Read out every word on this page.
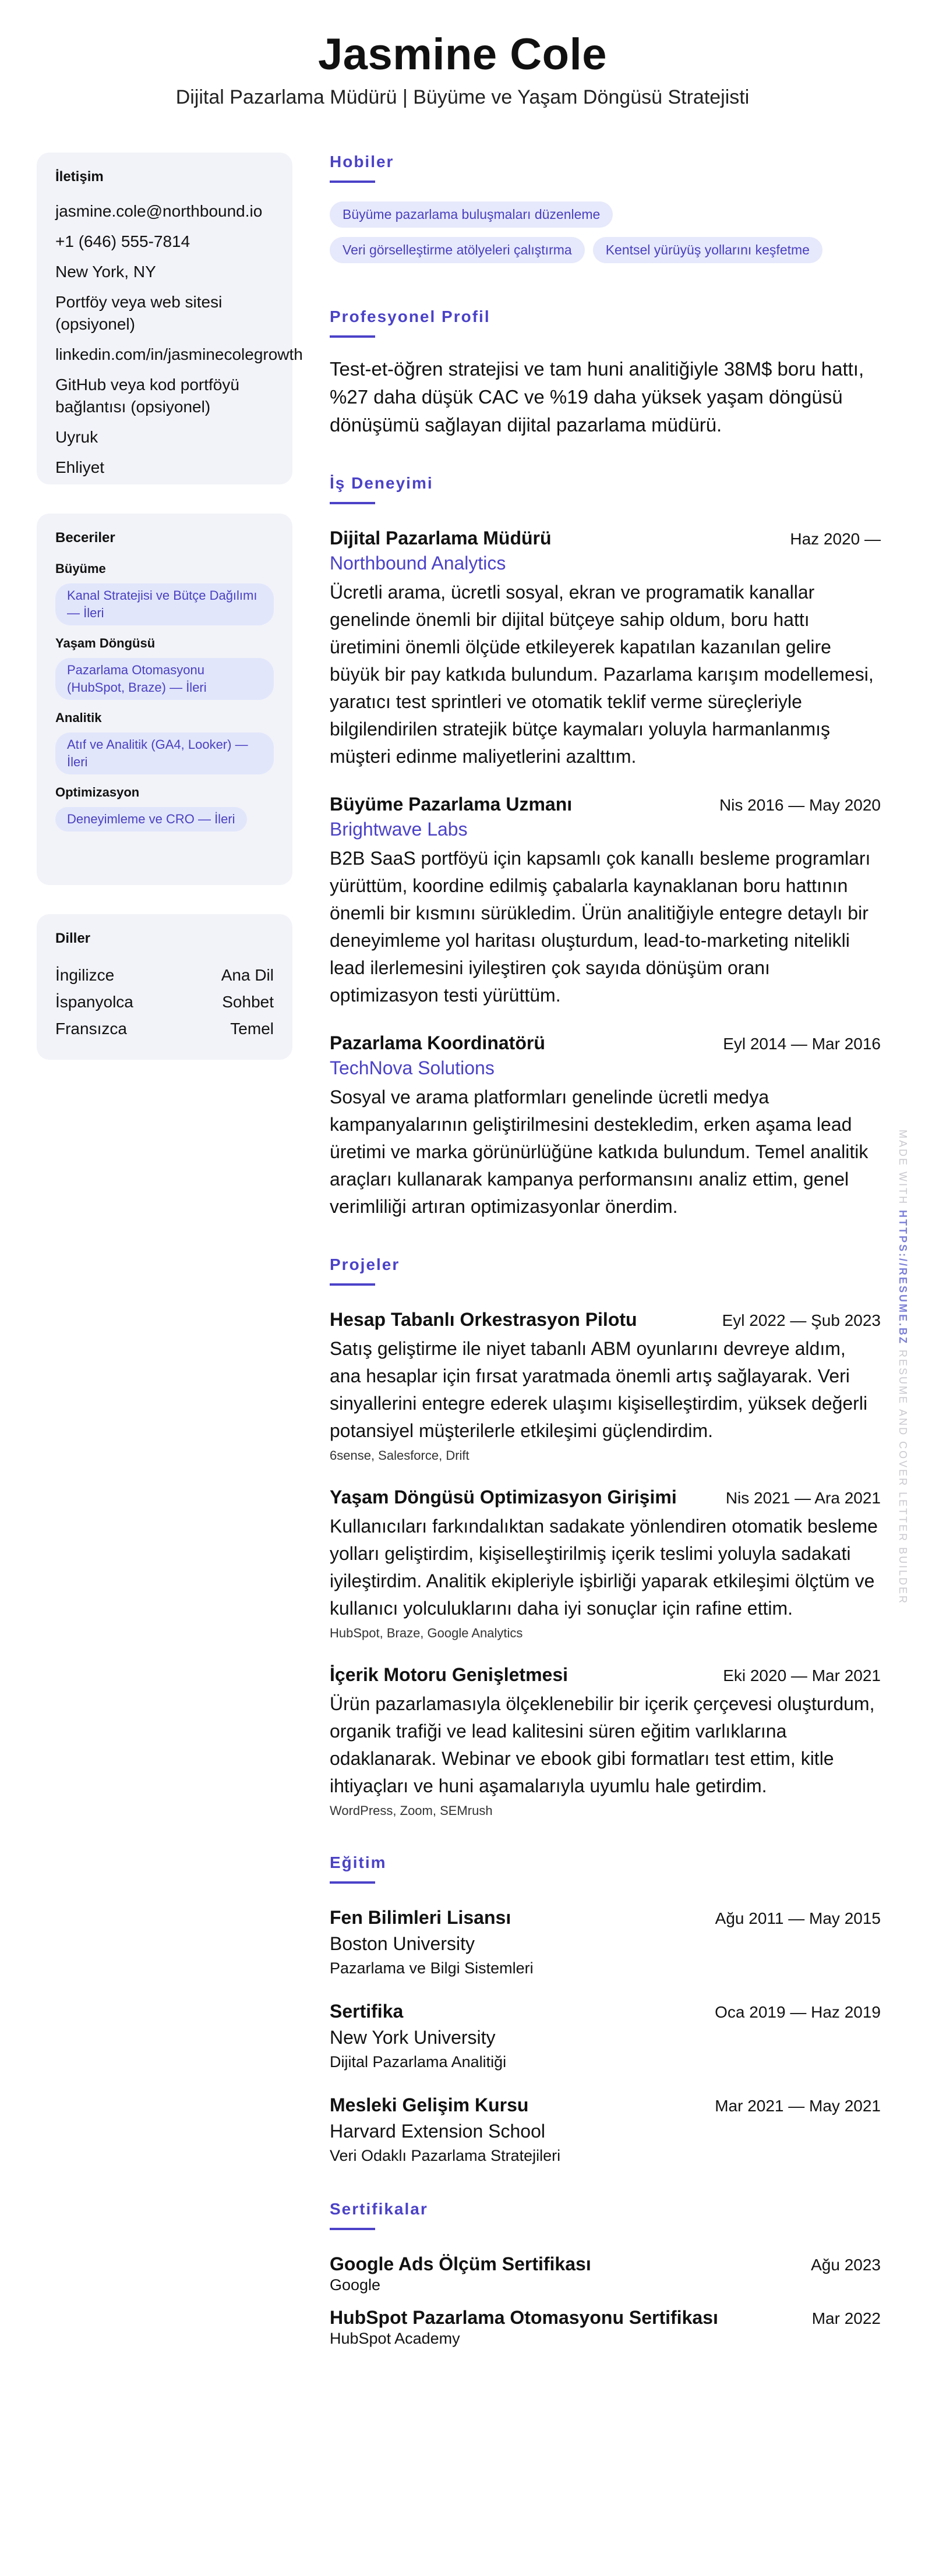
Jasmine Cole
Dijital Pazarlama Müdürü | Büyüme ve Yaşam Döngüsü Stratejisti
İletişim
jasmine.cole@northbound.io
+1 (646) 555-7814
New York, NY
Portföy veya web sitesi (opsiyonel)
linkedin.com/in/jasminecolegrowth
GitHub veya kod portföyü bağlantısı (opsiyonel)
Uyruk
Ehliyet
Beceriler
Büyüme
Kanal Stratejisi ve Bütçe Dağılımı — İleri
Yaşam Döngüsü
Pazarlama Otomasyonu (HubSpot, Braze) — İleri
Analitik
Atıf ve Analitik (GA4, Looker) — İleri
Optimizasyon
Deneyimleme ve CRO — İleri
Diller
İngilizce	Ana Dil
İspanyolca	Sohbet
Fransızca	Temel
Hobiler
Büyüme pazarlama buluşmaları düzenleme
Veri görselleştirme atölyeleri çalıştırma	Kentsel yürüyüş yollarını keşfetme
Profesyonel Profil
Test-et-öğren stratejisi ve tam huni analitiğiyle 38M$ boru hattı, %27 daha düşük CAC ve %19 daha yüksek yaşam döngüsü dönüşümü sağlayan dijital pazarlama müdürü.
İş Deneyimi
Dijital Pazarlama Müdürü	Haz 2020 —
Northbound Analytics
Ücretli arama, ücretli sosyal, ekran ve programatik kanallar genelinde önemli bir dijital bütçeye sahip oldum, boru hattı üretimini önemli ölçüde etkileyerek kapatılan kazanılan gelire büyük bir pay katkıda bulundum. Pazarlama karışım modellemesi, yaratıcı test sprintleri ve otomatik teklif verme süreçleriyle bilgilendirilen stratejik bütçe kaymaları yoluyla harmanlanmış müşteri edinme maliyetlerini azalttım.
Büyüme Pazarlama Uzmanı	Nis 2016 — May 2020
Brightwave Labs
B2B SaaS portföyü için kapsamlı çok kanallı besleme programları yürüttüm, koordine edilmiş çabalarla kaynaklanan boru hattının önemli bir kısmını sürükledim. Ürün analitiğiyle entegre detaylı bir deneyimleme yol haritası oluşturdum, lead-to-marketing nitelikli lead ilerlemesini iyileştiren çok sayıda dönüşüm oranı optimizasyon testi yürüttüm.
Pazarlama Koordinatörü	Eyl 2014 — Mar 2016
TechNova Solutions
Sosyal ve arama platformları genelinde ücretli medya kampanyalarının geliştirilmesini destekledim, erken aşama lead üretimi ve marka görünürlüğüne katkıda bulundum. Temel analitik araçları kullanarak kampanya performansını analiz ettim, genel verimliliği artıran optimizasyonlar önerdim.
Projeler
Hesap Tabanlı Orkestrasyon Pilotu	Eyl 2022 — Şub 2023
Satış geliştirme ile niyet tabanlı ABM oyunlarını devreye aldım, ana hesaplar için fırsat yaratmada önemli artış sağlayarak. Veri sinyallerini entegre ederek ulaşımı kişiselleştirdim, yüksek değerli potansiyel müşterilerle etkileşimi güçlendirdim.
6sense, Salesforce, Drift
Yaşam Döngüsü Optimizasyon Girişimi	Nis 2021 — Ara 2021
Kullanıcıları farkındalıktan sadakate yönlendiren otomatik besleme yolları geliştirdim, kişiselleştirilmiş içerik teslimi yoluyla sadakati iyileştirdim. Analitik ekipleriyle işbirliği yaparak etkileşimi ölçtüm ve kullanıcı yolculuklarını daha iyi sonuçlar için rafine ettim.
HubSpot, Braze, Google Analytics
İçerik Motoru Genişletmesi	Eki 2020 — Mar 2021
Ürün pazarlamasıyla ölçeklenebilir bir içerik çerçevesi oluşturdum, organik trafiği ve lead kalitesini süren eğitim varlıklarına odaklanarak. Webinar ve ebook gibi formatları test ettim, kitle ihtiyaçları ve huni aşamalarıyla uyumlu hale getirdim.
WordPress, Zoom, SEMrush
Eğitim
Fen Bilimleri Lisansı	Ağu 2011 — May 2015
Boston University
Pazarlama ve Bilgi Sistemleri
Sertifika	Oca 2019 — Haz 2019
New York University
Dijital Pazarlama Analitiği
Mesleki Gelişim Kursu	Mar 2021 — May 2021
Harvard Extension School
Veri Odaklı Pazarlama Stratejileri
Sertifikalar
Google Ads Ölçüm Sertifikası	Ağu 2023
Google
HubSpot Pazarlama Otomasyonu Sertifikası	Mar 2022
HubSpot Academy
MADE WITH HTTPS://RESUME.BZ RESUME AND COVER LETTER BUILDER
